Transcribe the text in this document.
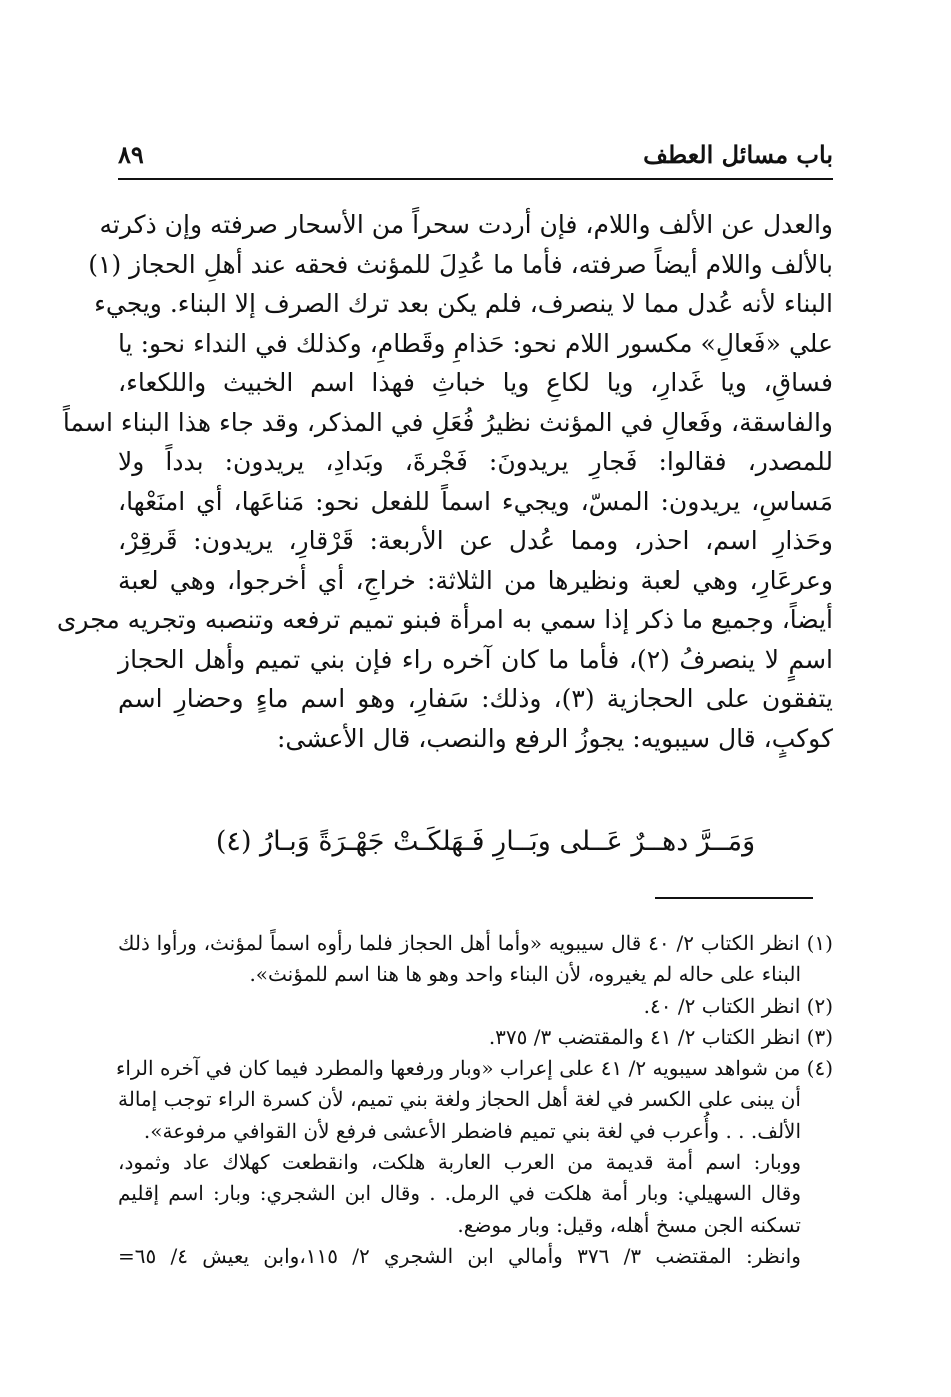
باب مسائل العطف
٨٩
والعدل عن الألف واللام، فإن أردت سحراً من الأسحار صرفته وإن ذكرته
بالألف واللام أيضاً صرفته، فأما ما عُدِلَ للمؤنث فحقه عند أهلِ الحجاز (١)
البناء لأنه عُدل مما لا ينصرف، فلم يكن بعد ترك الصرف إلا البناء. ويجيء
علي «فَعالِ» مكسور اللام نحو: حَذامِ وقَطامِ، وكذلك في النداء نحو: يا
فساقِ، ويا غَدارِ، ويا لكاعِ ويا خباثِ فهذا اسم الخبيث واللكعاء،
والفاسقة، وفَعالِ في المؤنث نظيرُ فُعَلِ في المذكر، وقد جاء هذا البناء اسماً
للمصدر، فقالوا: فَجارِ يريدونَ: فَجْرةَ، وبَدادِ، يريدون: بدداً ولا
مَساسِ، يريدون: المسّ، ويجيء اسماً للفعل نحو: مَناعَها، أي امنَعْها،
وحَذارِ اسم، احذر، ومما عُدل عن الأربعة: قَرْقارِ، يريدون: قَرقِرْ،
وعرعَارِ، وهي لعبة ونظيرها من الثلاثة: خراجِ، أي أخرجوا، وهي لعبة
أيضاً، وجميع ما ذكر إذا سمي به امرأة فبنو تميم ترفعه وتنصبه وتجريه مجرى
اسمٍ لا ينصرفُ (٢)، فأما ما كان آخره راء فإن بني تميم وأهل الحجاز
يتفقون على الحجازية (٣)، وذلك: سَفارِ، وهو اسم ماءٍ وحضارِ اسم
كوكبٍ، قال سيبويه: يجوزُ الرفع والنصب، قال الأعشى:
وَمَــرَّ دهــرٌ عَــلى وبَــارِ فَـهَلكَـتْ جَهْـرَةً وَبـارُ (٤)
(١) انظر الكتاب ٢/ ٤٠ قال سيبويه «وأما أهل الحجاز فلما رأوه اسماً لمؤنث، ورأوا ذلك
البناء على حاله لم يغيروه، لأن البناء واحد وهو ها هنا اسم للمؤنث».
(٢) انظر الكتاب ٢/ ٤٠.
(٣) انظر الكتاب ٢/ ٤١ والمقتضب ٣/ ٣٧٥.
(٤) من شواهد سيبويه ٢/ ٤١ على إعراب «وبار ورفعها والمطرد فيما كان في آخره الراء
أن يبنى على الكسر في لغة أهل الحجاز ولغة بني تميم، لأن كسرة الراء توجب إمالة
الألف. . . وأُعرب في لغة بني تميم فاضطر الأعشى فرفع لأن القوافي مرفوعة».
ووبار: اسم أمة قديمة من العرب العاربة هلكت، وانقطعت كهلاك عاد وثمود،
وقال السهيلي: وبار أمة هلكت في الرمل. . وقال ابن الشجري: وبار: اسم إقليم
تسكنه الجن مسخ أهله، وقيل: وبار موضع.
وانظر: المقتضب ٣/ ٣٧٦ وأمالي ابن الشجري ٢/ ١١٥،وابن يعيش ٤/ ٦٥=
